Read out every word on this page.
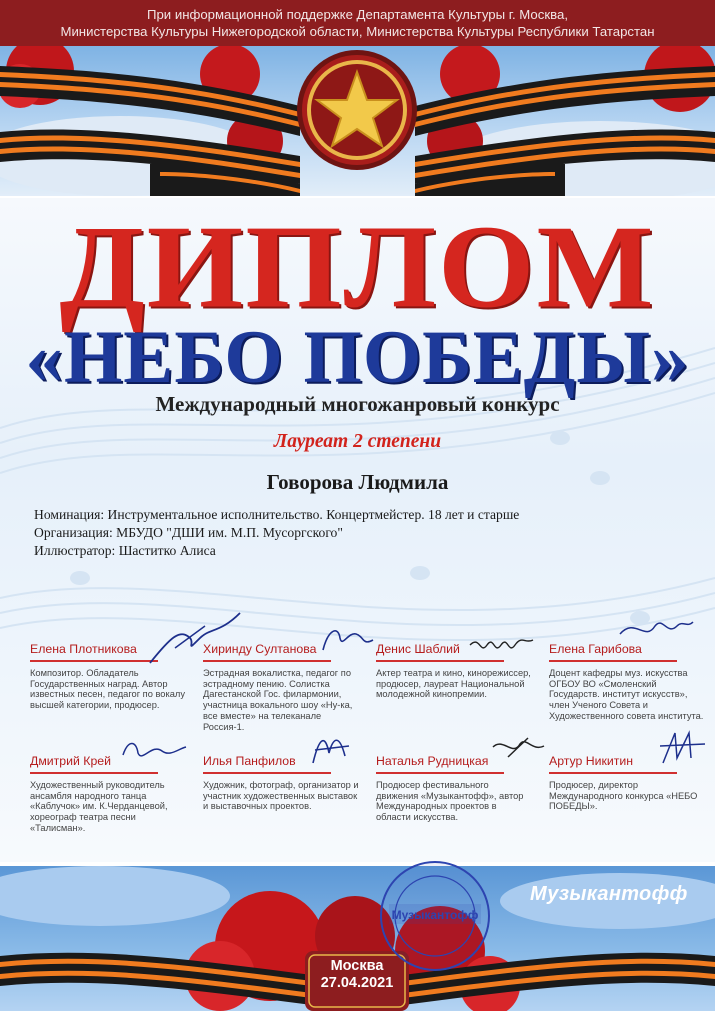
При информационной поддержке Департамента Культуры г. Москва,
Министерства Культуры Нижегородской области, Министерства Культуры Республики Татарстан
ДИПЛОМ
«НЕБО ПОБЕДЫ»
Международный многожанровый конкурс
Лауреат 2 степени
Говорова Людмила
Номинация: Инструментальное исполнительство. Концертмейстер. 18 лет и старше
Организация: МБУДО "ДШИ им. М.П. Мусоргского"
Иллюстратор: Шаститко Алиса
Елена Плотникова
Композитор. Обладатель Государственных наград. Автор известных песен, педагог по вокалу высшей категории, продюсер.
Хиринду Султанова
Эстрадная вокалистка, педагог по эстрадному пению. Солистка Дагестанской Гос. филармонии, участница вокального шоу «Ну-ка, все вместе» на телеканале Россия-1.
Денис Шаблий
Актер театра и кино, кинорежиссер, продюсер, лауреат Национальной молодежной кинопремии.
Елена Гарибова
Доцент кафедры муз. искусства ОГБОУ ВО «Смоленский Государств. институт искусств», член Ученого Совета и Художественного совета института.
Дмитрий Крей
Художественный руководитель ансамбля народного танца «Каблучок» им. К.Черданцевой, хореограф театра песни «Талисман».
Илья Панфилов
Художник, фотограф, организатор и участник художественных выставок и выставочных проектов.
Наталья Рудницкая
Продюсер фестивального движения «Музыкантофф», автор Международных проектов в области искусства.
Артур Никитин
Продюсер, директор Международного конкурса «НЕБО ПОБЕДЫ».
Музыкантофф
Музыкантофф
Москва
27.04.2021
